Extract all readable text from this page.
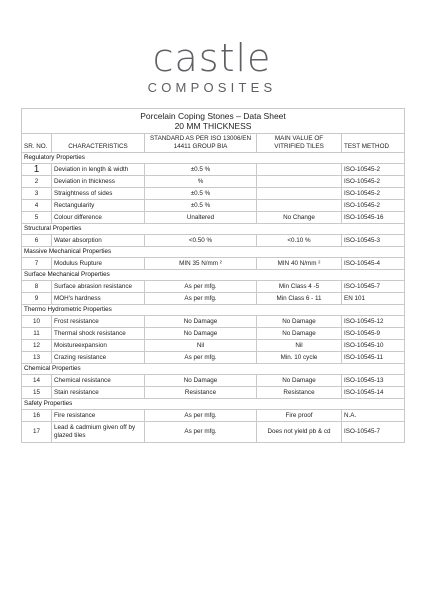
castle
COMPOSITES
Porcelain Coping Stones – Data Sheet
20 MM THICKNESS				

SR. NO.	CHARACTERISTICS	STANDARD AS PER ISO 13006/EN 14411 GROUP BIA	MAIN VALUE OF VITRIFIED TILES	TEST METHOD
Regulatory Properties				
1	Deviation in length & width	±0.5 %		ISO-10545-2
2	Deviation in thickness	%		ISO-10545-2
3	Straightness of sides	±0.5 %		ISO-10545-2
4	Rectangularity	±0.5 %		ISO-10545-2
5	Colour difference	Unaltered	No Change	ISO-10545-16
Structural Properties				
6	Water absorption	<0.50 %	<0.10 %	ISO-10545-3
Massive Mechanical Properties				
7	Modulus Rupture	MIN 35 N/mm ²	MIN 40 N/mm ²	ISO-10545-4
Surface Mechanical Properties				
8	Surface abrasion resistance	As per mfg.	Min Class 4 -5	ISO-10545-7
9	MOH's hardness	As per mfg.	Min Class 6 - 11	EN 101
Thermo Hydrometric Properties				
10	Frost resistance	No Damage	No Damage	ISO-10545-12
11	Thermal shock resistance	No Damage	No Damage	ISO-10545-9
12	Moistureexpansion	Nil	Nil	ISO-10545-10
13	Crazing resistance	As per mfg.	Min. 10 cycle	ISO-10545-11
Chemical Properties				
14	Chemical resistance	No Damage	No Damage	ISO-10545-13
15	Stain resistance	Resistance	Resistance	ISO-10545-14
Safety Properties				
16	Fire resistance	As per mfg.	Fire proof	N.A.
17	Lead & cadmium given off by glazed tiles	As per mfg.	Does not yield pb & cd	ISO-10545-7
